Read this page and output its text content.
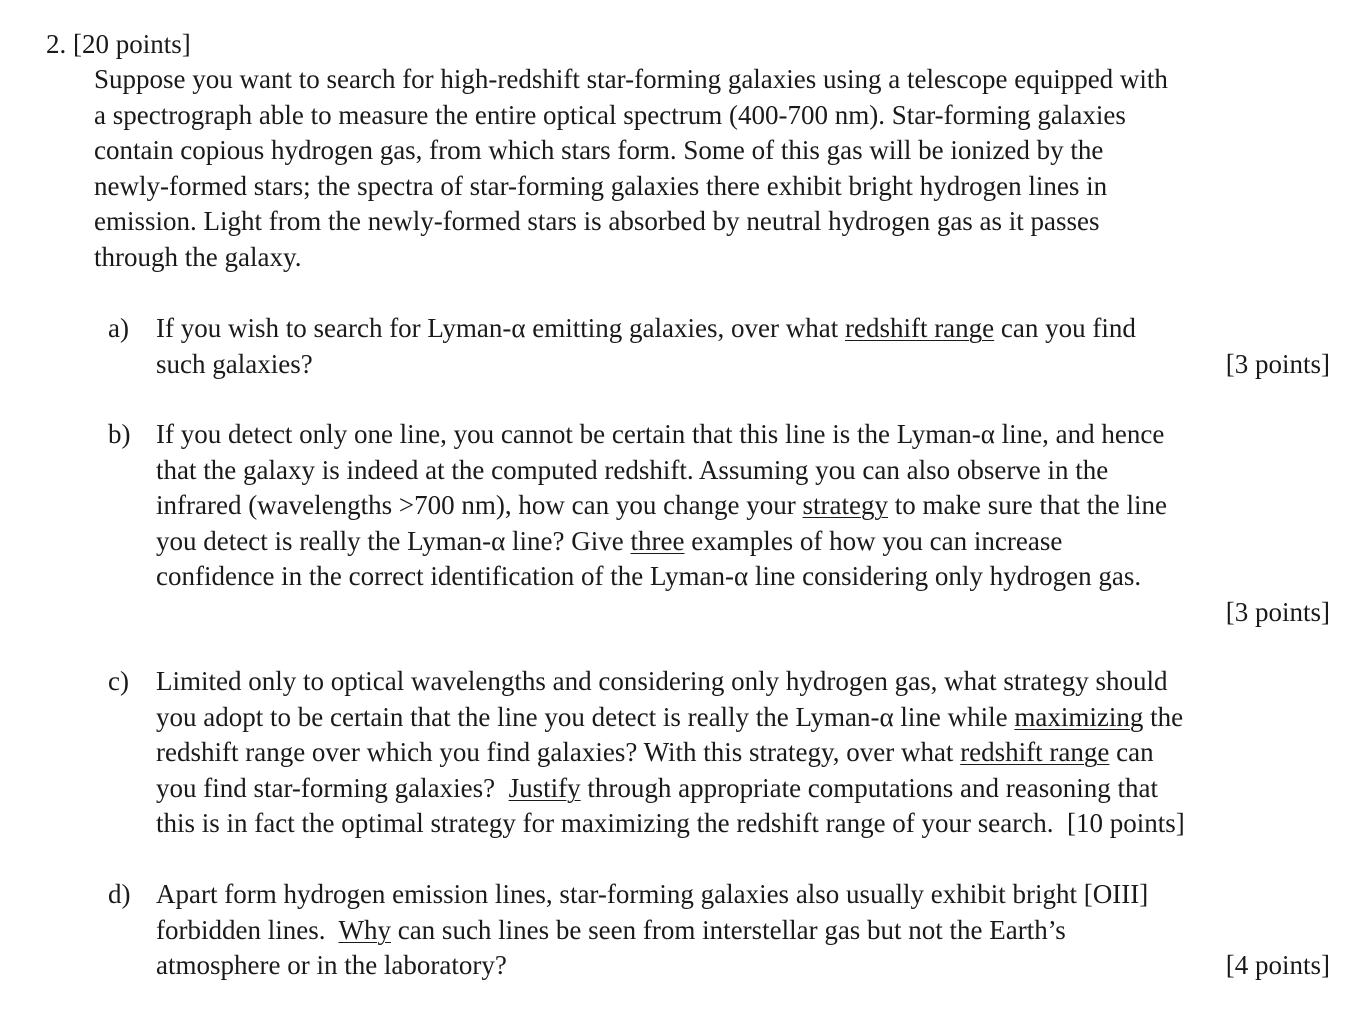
2. [20 points]
Suppose you want to search for high-redshift star-forming galaxies using a telescope equipped with
a spectrograph able to measure the entire optical spectrum (400-700 nm). Star-forming galaxies
contain copious hydrogen gas, from which stars form. Some of this gas will be ionized by the
newly-formed stars; the spectra of star-forming galaxies there exhibit bright hydrogen lines in
emission. Light from the newly-formed stars is absorbed by neutral hydrogen gas as it passes
through the galaxy.
a) If you wish to search for Lyman-α emitting galaxies, over what redshift range can you find
such galaxies?	[3 points]
b) If you detect only one line, you cannot be certain that this line is the Lyman-α line, and hence
that the galaxy is indeed at the computed redshift. Assuming you can also observe in the
infrared (wavelengths >700 nm), how can you change your strategy to make sure that the line
you detect is really the Lyman-α line? Give three examples of how you can increase
confidence in the correct identification of the Lyman-α line considering only hydrogen gas.

[3 points]
c) Limited only to optical wavelengths and considering only hydrogen gas, what strategy should
you adopt to be certain that the line you detect is really the Lyman-α line while maximizing the
redshift range over which you find galaxies? With this strategy, over what redshift range can
you find star-forming galaxies?  Justify through appropriate computations and reasoning that
this is in fact the optimal strategy for maximizing the redshift range of your search.  [10 points]
d) Apart form hydrogen emission lines, star-forming galaxies also usually exhibit bright [OIII]
forbidden lines.  Why can such lines be seen from interstellar gas but not the Earth’s
atmosphere or in the laboratory?	[4 points]
